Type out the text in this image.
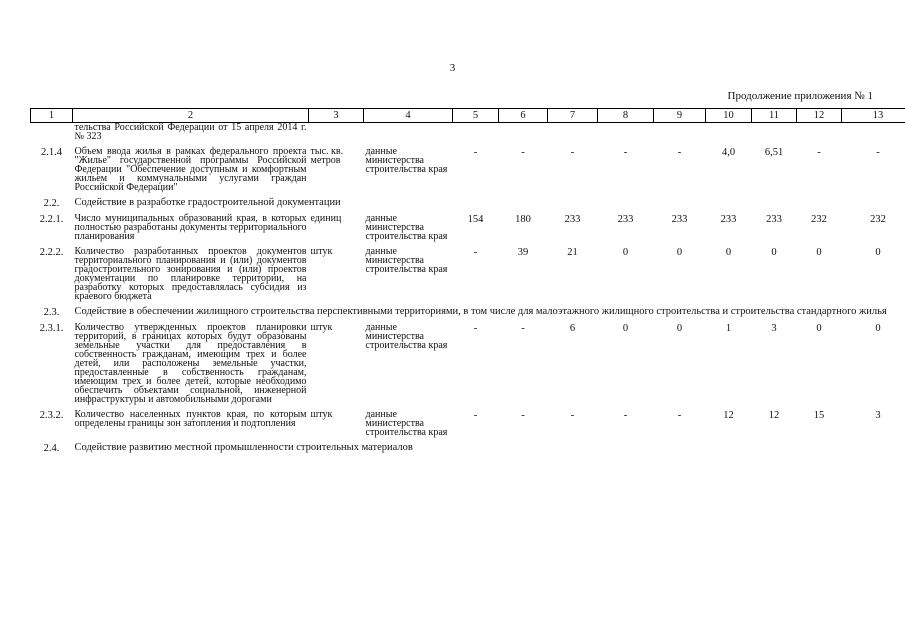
3
Продолжение приложения № 1
1	2	3	4	5	6	7	8	9	10	11	12	13
	тельства Российской Федерации от 15 апреля 2014 г. № 323											

2.1.4	Объем ввода жилья в рамках федерального проекта "Жилье" государственной программы Российской Федерации "Обеспечение доступным и комфортным жильем и коммунальными услугами граждан Российской Федерации"	тыс. кв. метров	данные министерства строительства края	-	-	-	-	-	4,0	6,51	-	-

2.2.	Содействие в разработке градостроительной документации											

2.2.1.	Число муниципальных образований края, в которых полностью разработаны документы территориального планирования	единиц	данные министерства строительства края	154	180	233	233	233	233	233	232	232

2.2.2.	Количество разработанных проектов документов территориального планирования и (или) документов градостроительного зонирования и (или) проектов документации по планировке территории, на разработку которых предоставлялась субсидия из краевого бюджета	штук	данные министерства строительства края	-	39	21	0	0	0	0	0	0

2.3.	Содействие в обеспечении жилищного строительства перспективными территориями, в том числе для малоэтажного жилищного строительства и строительства стандартного жилья											

2.3.1.	Количество утвержденных проектов планировки территорий, в границах которых будут образованы земельные участки для предоставления в собственность гражданам, имеющим трех и более детей, или расположены земельные участки, предоставленные в собственность гражданам, имеющим трех и более детей, которые необходимо обеспечить объектами социальной, инженерной инфраструктуры и автомобильными дорогами	штук	данные министерства строительства края	-	-	6	0	0	1	3	0	0

2.3.2.	Количество населенных пунктов края, по которым определены границы зон затопления и подтопления	штук	данные министерства строительства края	-	-	-	-	-	12	12	15	3

2.4.	Содействие развитию местной промышленности строительных материалов											
